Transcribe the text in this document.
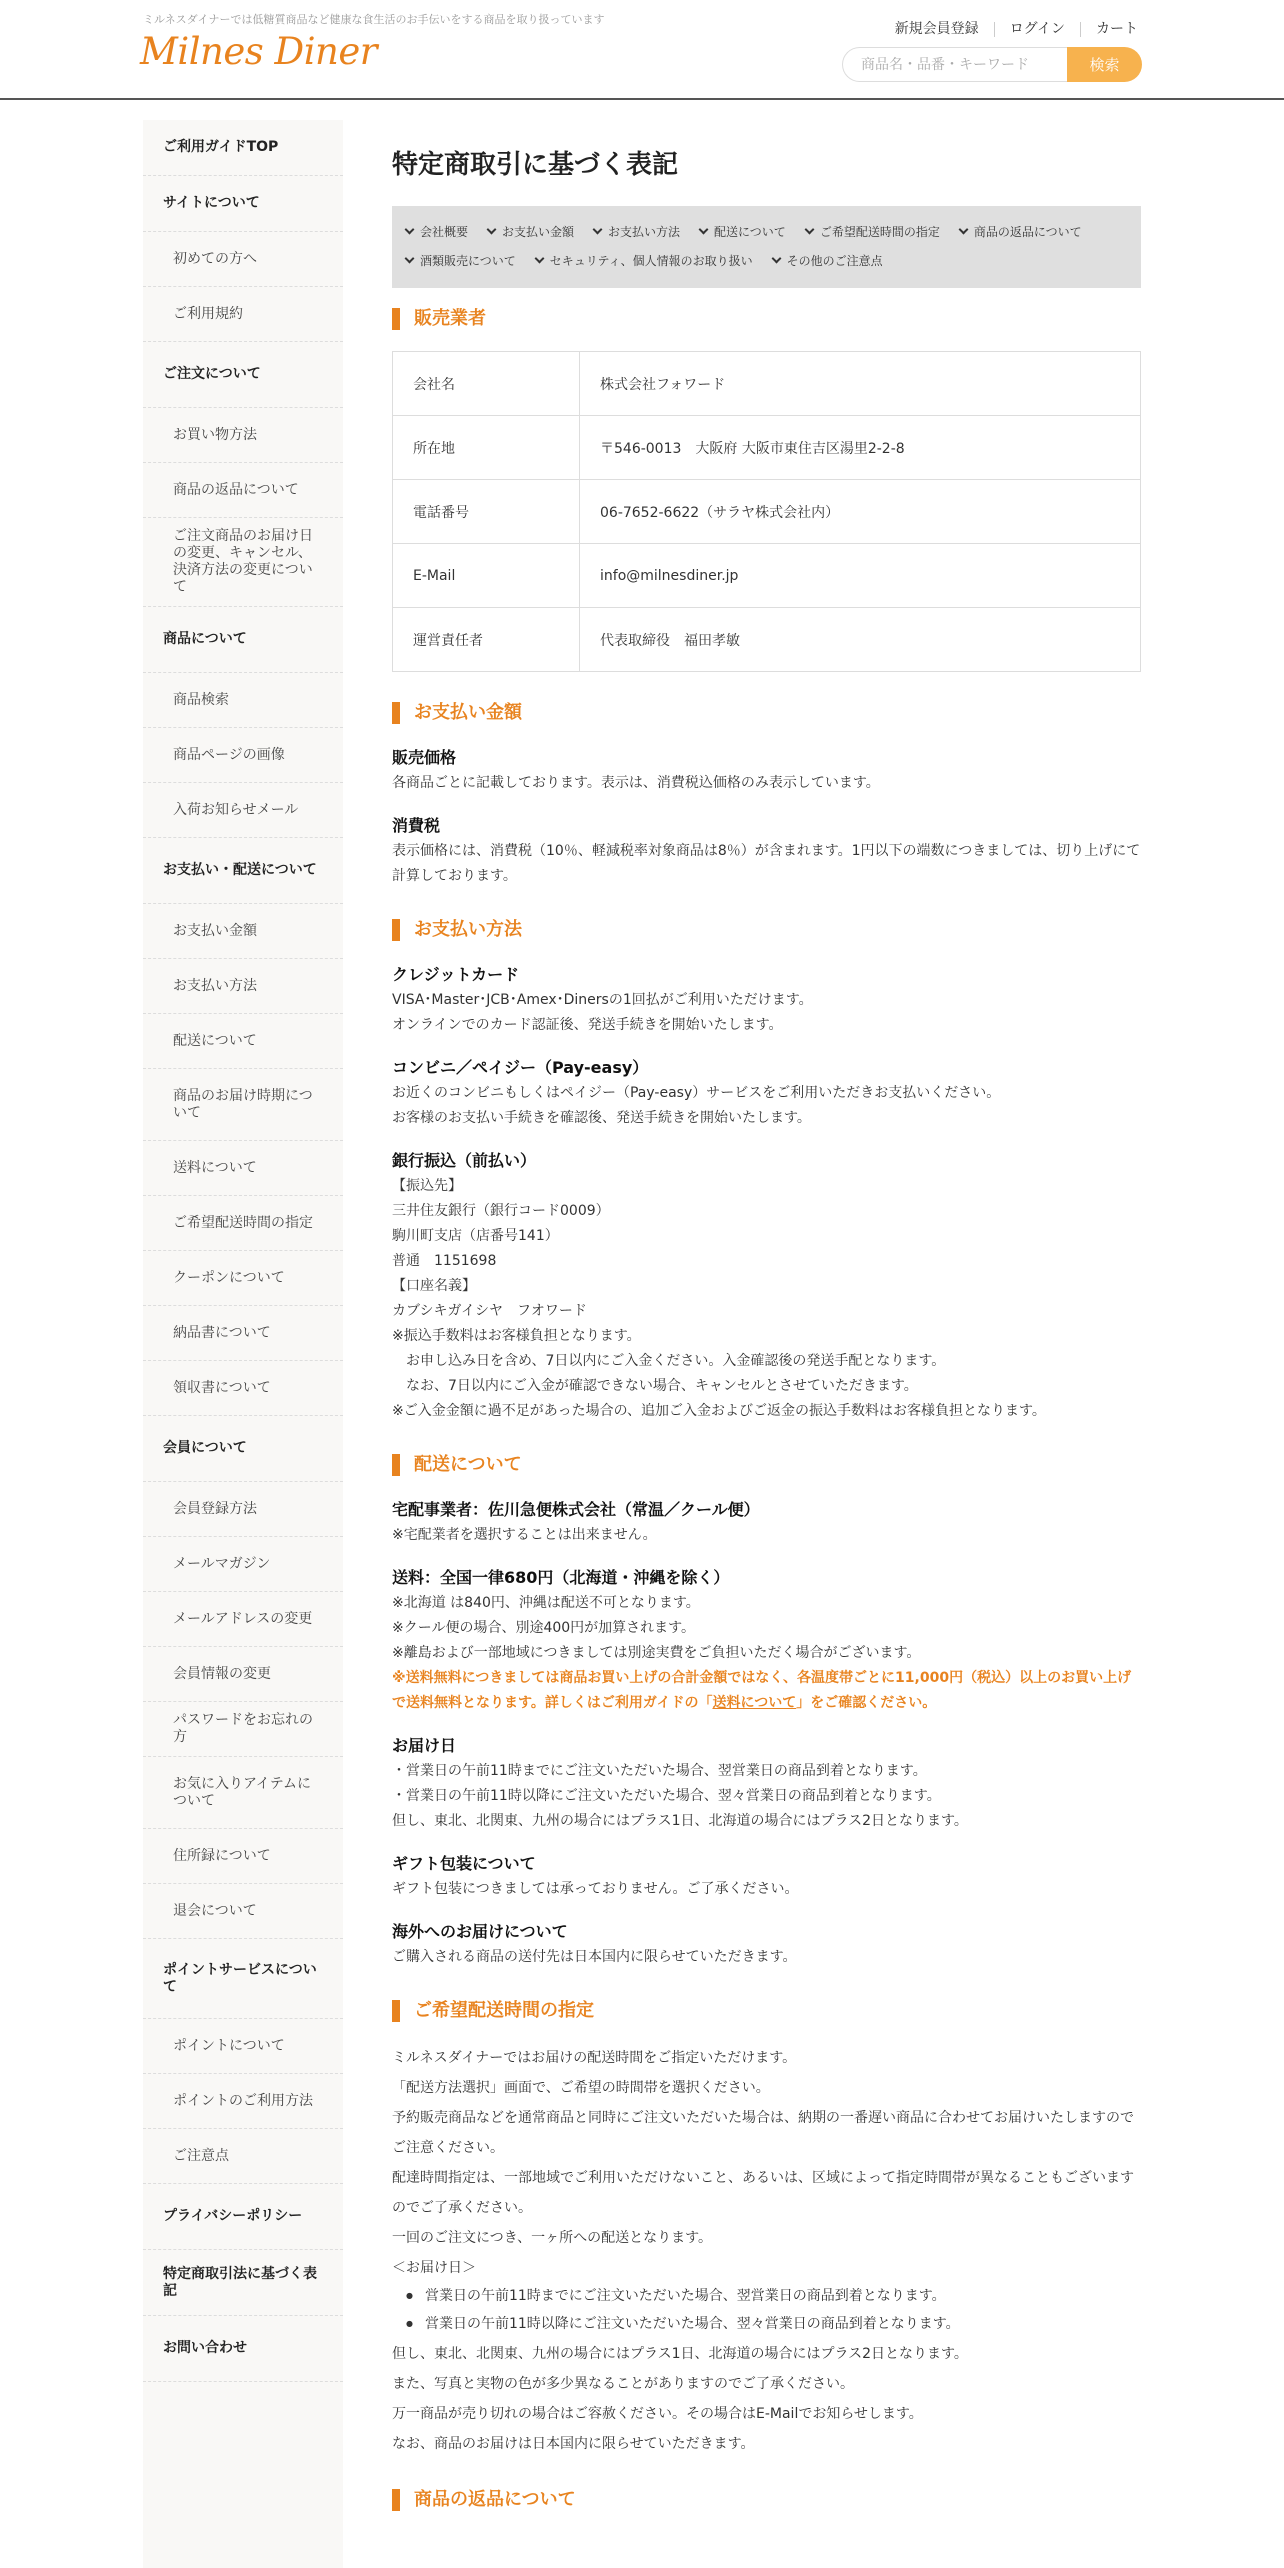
ミルネスダイナーでは低糖質商品など健康な食生活のお手伝いをする商品を取り扱っています
Milnes Diner
新規会員登録	ログイン	カート
商品名・品番・キーワード
検索
ご利用ガイドTOP
サイトについて
初めての方へ
ご利用規約
ご注文について
お買い物方法
商品の返品について
ご注文商品のお届け日の変更、キャンセル、決済方法の変更について
商品について
商品検索
商品ページの画像
入荷お知らせメール
お支払い・配送について
お支払い金額
お支払い方法
配送について
商品のお届け時期について
送料について
ご希望配送時間の指定
クーポンについて
納品書について
領収書について
会員について
会員登録方法
メールマガジン
メールアドレスの変更
会員情報の変更
パスワードをお忘れの方
お気に入りアイテムについて
住所録について
退会について
ポイントサービスについて
ポイントについて
ポイントのご利用方法
ご注意点
プライバシーポリシー
特定商取引法に基づく表記
お問い合わせ
特定商取引に基づく表記
会社概要	お支払い金額	お支払い方法	配送について	ご希望配送時間の指定	商品の返品について酒類販売について	セキュリティ、個人情報のお取り扱い	その他のご注意点
販売業者
会社名	株式会社フォワード
所在地	〒546-0013　大阪府 大阪市東住吉区湯里2-2-8
電話番号	06-7652-6622（サラヤ株式会社内）
E-Mail	info@milnesdiner.jp
運営責任者	代表取締役　福田孝敏
お支払い金額
販売価格
各商品ごとに記載しております。表示は、消費税込価格のみ表示しています。
消費税
表示価格には、消費税（10％、軽減税率対象商品は8％）が含まれます。1円以下の端数につきましては、切り上げにて計算しております。
お支払い方法
クレジットカード
VISA･Master･JCB･Amex･Dinersの1回払がご利用いただけます。
オンラインでのカード認証後、発送手続きを開始いたします。
コンビニ／ペイジー（Pay-easy）
お近くのコンビニもしくはペイジー（Pay-easy）サービスをご利用いただきお支払いください。
お客様のお支払い手続きを確認後、発送手続きを開始いたします。
銀行振込（前払い）
【振込先】
三井住友銀行（銀行コード0009）
駒川町支店（店番号141）
普通　1151698
【口座名義】
カブシキガイシヤ　フオワード
※振込手数料はお客様負担となります。
お申し込み日を含め、7日以内にご入金ください。入金確認後の発送手配となります。
なお、7日以内にご入金が確認できない場合、キャンセルとさせていただきます。
※ご入金金額に過不足があった場合の、追加ご入金およびご返金の振込手数料はお客様負担となります。
配送について
宅配事業者：佐川急便株式会社（常温／クール便）
※宅配業者を選択することは出来ません。
送料：全国一律680円（北海道・沖縄を除く）
※北海道 は840円、沖縄は配送不可となります。
※クール便の場合、別途400円が加算されます。
※離島および一部地域につきましては別途実費をご負担いただく場合がございます。
※送料無料につきましては商品お買い上げの合計金額ではなく、各温度帯ごとに11,000円（税込）以上のお買い上げで送料無料となります。詳しくはご利用ガイドの「送料について」をご確認ください。
お届け日
・営業日の午前11時までにご注文いただいた場合、翌営業日の商品到着となります。
・営業日の午前11時以降にご注文いただいた場合、翌々営業日の商品到着となります。
但し、東北、北関東、九州の場合にはプラス1日、北海道の場合にはプラス2日となります。
ギフト包装について
ギフト包装につきましては承っておりません。ご了承ください。
海外へのお届けについて
ご購入される商品の送付先は日本国内に限らせていただきます。
ご希望配送時間の指定

ミルネスダイナーではお届けの配送時間をご指定いただけます。

「配送方法選択」画面で、ご希望の時間帯を選択ください。

予約販売商品などを通常商品と同時にご注文いただいた場合は、納期の一番遅い商品に合わせてお届けいたしますのでご注意ください。

配達時間指定は、一部地域でご利用いただけないこと、あるいは、区域によって指定時間帯が異なることもございますのでご了承ください。

一回のご注文につき、一ヶ所への配送となります。

＜お届け日＞

● 営業日の午前11時までにご注文いただいた場合、翌営業日の商品到着となります。
● 営業日の午前11時以降にご注文いただいた場合、翌々営業日の商品到着となります。

但し、東北、北関東、九州の場合にはプラス1日、北海道の場合にはプラス2日となります。

また、写真と実物の色が多少異なることがありますのでご了承ください。

万一商品が売り切れの場合はご容赦ください。その場合はE-Mailでお知らせします。

なお、商品のお届けは日本国内に限らせていただきます。

商品の返品について
